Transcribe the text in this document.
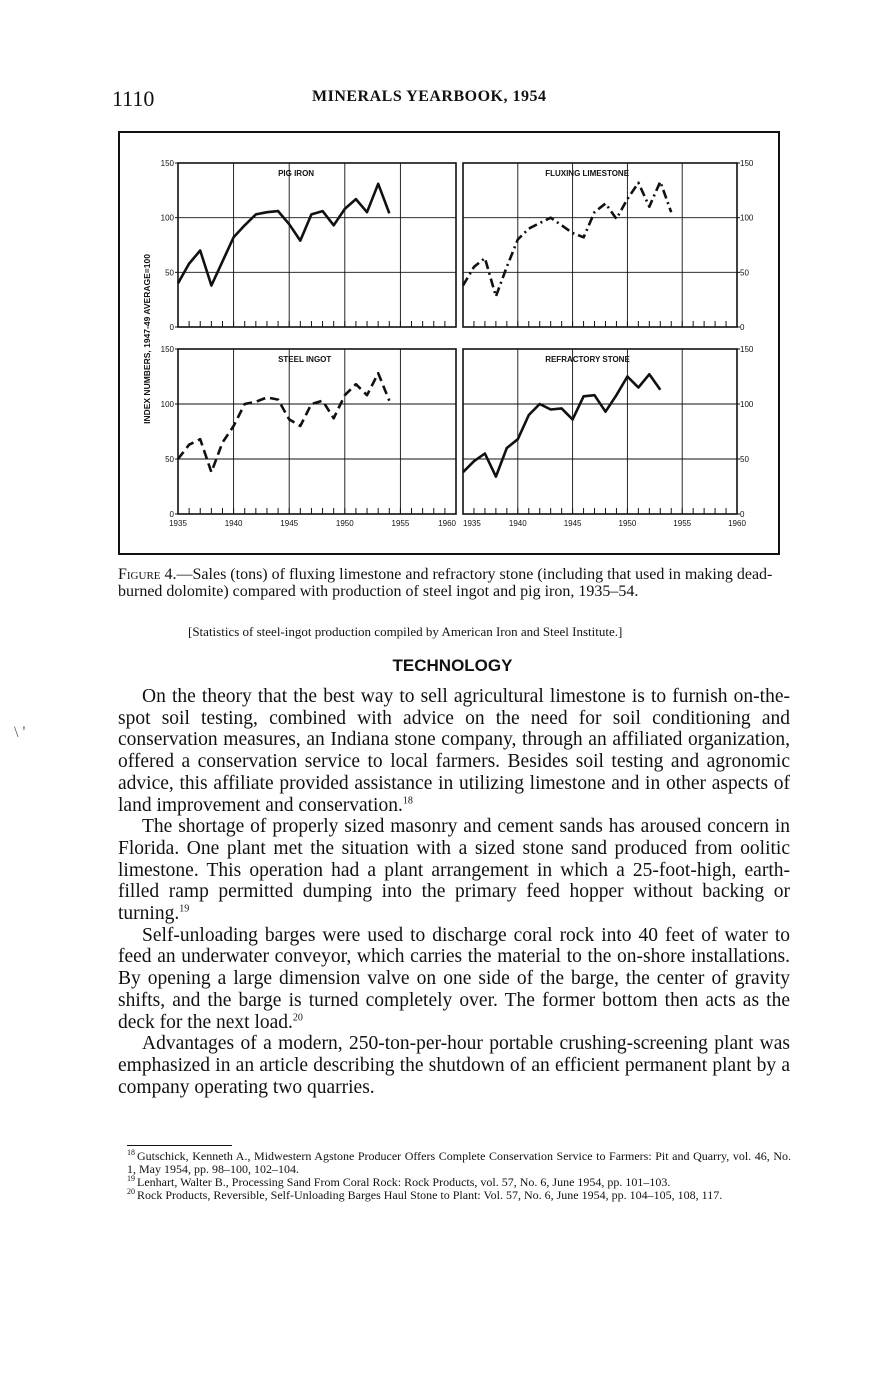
1110	MINERALS YEARBOOK, 1954
\ '
PIG IRON	FLUXING LIMESTONE
STEEL INGOT	REFRACTORY STONE
0	0
50	50
100	100
150	150
0	0
50	50
100	100
150	150
1935	1940	1945	1950	1955	1960 1935	1940	1945	1950	1955	1960
INDEX NUMBERS, 1947-49 AVERAGE=100

Figure 4.—Sales (tons) of fluxing limestone and refractory stone (including that used in making dead-burned dolomite) compared with production of steel ingot and pig iron, 1935–54.

[Statistics of steel-ingot production compiled by American Iron and Steel Institute.]
TECHNOLOGY

On the theory that the best way to sell agricultural limestone is to furnish on-the-spot soil testing, combined with advice on the need for soil conditioning and conservation measures, an Indiana stone company, through an affiliated organization, offered a conservation service to local farmers. Besides soil testing and agronomic advice, this affiliate provided assistance in utilizing limestone and in other aspects of land improvement and conservation.$^{18}$

The shortage of properly sized masonry and cement sands has aroused concern in Florida. One plant met the situation with a sized stone sand produced from oolitic limestone. This operation had a plant arrangement in which a 25-foot-high, earth-filled ramp permitted dumping into the primary feed hopper without backing or turning.$^{19}$

Self-unloading barges were used to discharge coral rock into 40 feet of water to feed an underwater conveyor, which carries the material to the on-shore installations. By opening a large dimension valve on one side of the barge, the center of gravity shifts, and the barge is turned completely over. The former bottom then acts as the deck for the next load.$^{20}$

Advantages of a modern, 250-ton-per-hour portable crushing-screening plant was emphasized in an article describing the shutdown of an efficient permanent plant by a company operating two quarries.

$^{18}$ Gutschick, Kenneth A., Midwestern Agstone Producer Offers Complete Conservation Service to Farmers: Pit and Quarry, vol. 46, No. 1, May 1954, pp. 98–100, 102–104.

$^{19}$ Lenhart, Walter B., Processing Sand From Coral Rock: Rock Products, vol. 57, No. 6, June 1954, pp. 101–103.

$^{20}$ Rock Products, Reversible, Self-Unloading Barges Haul Stone to Plant: Vol. 57, No. 6, June 1954, pp. 104–105, 108, 117.
